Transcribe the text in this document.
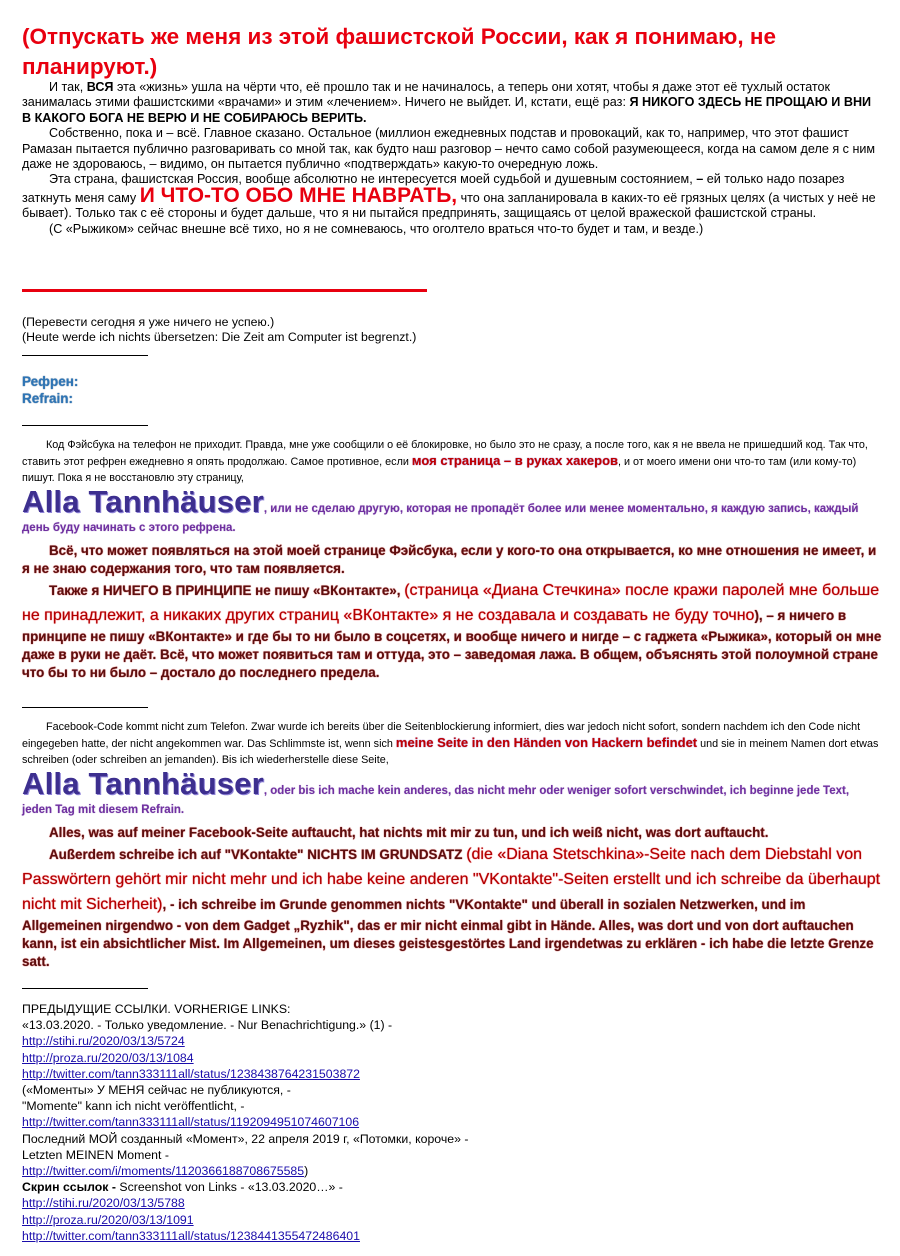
(Отпускать же меня из этой фашистской России, как я понимаю, не планируют.)

И так, ВСЯ эта «жизнь» ушла на чёрти что, её прошло так и не начиналось, а теперь они хотят, чтобы я даже этот её тухлый остаток занималась этими фашистскими «врачами» и этим «лечением». Ничего не выйдет. И, кстати, ещё раз: Я НИКОГО ЗДЕСЬ НЕ ПРОЩАЮ И ВНИ В КАКОГО БОГА НЕ ВЕРЮ И НЕ СОБИРАЮСЬ ВЕРИТЬ.

Собственно, пока и – всё. Главное сказано. Остальное (миллион ежедневных подстав и провокаций, как то, например, что этот фашист Рамазан пытается публично разговаривать со мной так, как будто наш разговор – нечто само собой разумеющееся, когда на самом деле я с ним даже не здороваюсь, – видимо, он пытается публично «подтверждать» какую-то очередную ложь.

Эта страна, фашистская Россия, вообще абсолютно не интересуется моей судьбой и душевным состоянием, – ей только надо позарез заткнуть меня саму И ЧТО-ТО ОБО МНЕ НАВРАТЬ, что она запланировала в каких-то её грязных целях (а чистых у неё не бывает). Только так с её стороны и будет дальше, что я ни пытайся предпринять, защищаясь от целой вражеской фашистской страны.

(С «Рыжиком» сейчас внешне всё тихо, но я не сомневаюсь, что оголтело враться что-то будет и там, и везде.)

(Перевести сегодня я уже ничего не успею.)
(Heute werde ich nichts übersetzen: Die Zeit am Computer ist begrenzt.)
Рефрен:
Refrain:

Код Фэйсбука на телефон не приходит. Правда, мне уже сообщили о её блокировке, но было это не сразу, а после того, как я не ввела не пришедший код. Так что, ставить этот рефрен ежедневно я опять продолжаю. Самое противное, если моя страница – в руках хакеров, и от моего имени они что-то там (или кому-то) пишут. Пока я не восстановлю эту страницу,

Alla Tannhäuser, или не сделаю другую, которая не пропадёт более или менее моментально, я каждую запись, каждый день буду начинать с этого рефрена.

Всё, что может появляться на этой моей странице Фэйсбука, если у кого-то она открывается, ко мне отношения не имеет, и я не знаю содержания того, что там появляется.

Также я НИЧЕГО В ПРИНЦИПЕ не пишу «ВКонтакте», (страница «Диана Стечкина» после кражи паролей мне больше не принадлежит, а никаких других страниц «ВКонтакте» я не создавала и создавать не буду точно), – я ничего в принципе не пишу «ВКонтакте» и где бы то ни было в соцсетях, и вообще ничего и нигде – с гаджета «Рыжика», который он мне даже в руки не даёт. Всё, что может появиться там и оттуда, это – заведомая лажа. В общем, объяснять этой полоумной стране что бы то ни было – достало до последнего предела.

Facebook-Code kommt nicht zum Telefon. Zwar wurde ich bereits über die Seitenblockierung informiert, dies war jedoch nicht sofort, sondern nachdem ich den Code nicht eingegeben hatte, der nicht angekommen war. Das Schlimmste ist, wenn sich meine Seite in den Händen von Hackern befindet und sie in meinem Namen dort etwas schreiben (oder schreiben an jemanden). Bis ich wiederherstelle diese Seite,

Alla Tannhäuser, oder bis ich mache kein anderes, das nicht mehr oder weniger sofort verschwindet, ich beginne jede Text, jeden Tag mit diesem Refrain.

Alles, was auf meiner Facebook-Seite auftaucht, hat nichts mit mir zu tun, und ich weiß nicht, was dort auftaucht.

Außerdem schreibe ich auf "VKontakte" NICHTS IM GRUNDSATZ (die «Diana Stetschkina»-Seite nach dem Diebstahl von Passwörtern gehört mir nicht mehr und ich habe keine anderen "VKontakte"-Seiten erstellt und ich schreibe da überhaupt nicht mit Sicherheit), - ich schreibe im Grunde genommen nichts "VKontakte" und überall in sozialen Netzwerken, und im Allgemeinen nirgendwo - von dem Gadget „Ryzhik", das er mir nicht einmal gibt in Hände. Alles, was dort und von dort auftauchen kann, ist ein absichtlicher Mist. Im Allgemeinen, um dieses geistesgestörtes Land irgendetwas zu erklären - ich habe die letzte Grenze satt.

ПРЕДЫДУЩИЕ ССЫЛКИ. VORHERIGE LINKS:
«13.03.2020. - Только уведомление. - Nur Benachrichtigung.» (1) -
http://stihi.ru/2020/03/13/5724
http://proza.ru/2020/03/13/1084
http://twitter.com/tann333111all/status/1238438764231503872
(«Моменты» У МЕНЯ сейчас не публикуются, -
"Momente" kann ich nicht veröffentlicht, -
http://twitter.com/tann333111all/status/1192094951074607106
Последний МОЙ созданный «Момент», 22 апреля 2019 г, «Потомки, короче» -
Letzten MEINEN Moment -
http://twitter.com/i/moments/1120366188708675585)
Скрин ссылок - Screenshot von Links - «13.03.2020…» -
http://stihi.ru/2020/03/13/5788
http://proza.ru/2020/03/13/1091
http://twitter.com/tann333111all/status/1238441355472486401
